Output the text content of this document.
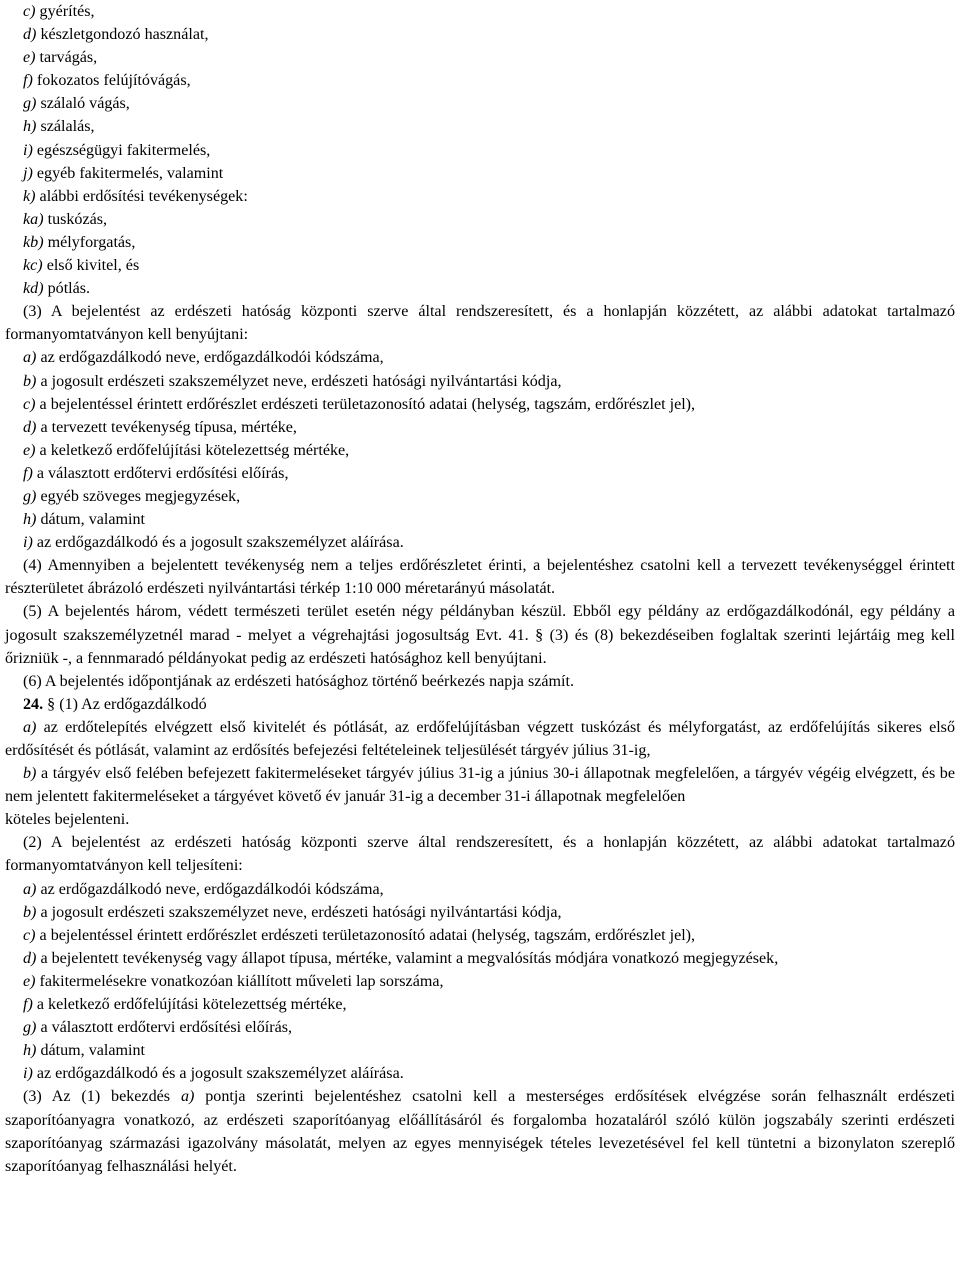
c) gyérítés,

d) készletgondozó használat,

e) tarvágás,

f) fokozatos felújítóvágás,

g) szálaló vágás,

h) szálalás,

i) egészségügyi fakitermelés,

j) egyéb fakitermelés, valamint

k) alábbi erdősítési tevékenységek:

ka) tuskózás,

kb) mélyforgatás,

kc) első kivitel, és

kd) pótlás.

(3) A bejelentést az erdészeti hatóság központi szerve által rendszeresített, és a honlapján közzétett, az alábbi adatokat tartalmazó formanyomtatványon kell benyújtani:

a) az erdőgazdálkodó neve, erdőgazdálkodói kódszáma,

b) a jogosult erdészeti szakszemélyzet neve, erdészeti hatósági nyilvántartási kódja,

c) a bejelentéssel érintett erdőrészlet erdészeti területazonosító adatai (helység, tagszám, erdőrészlet jel),

d) a tervezett tevékenység típusa, mértéke,

e) a keletkező erdőfelújítási kötelezettség mértéke,

f) a választott erdőtervi erdősítési előírás,

g) egyéb szöveges megjegyzések,

h) dátum, valamint

i) az erdőgazdálkodó és a jogosult szakszemélyzet aláírása.

(4) Amennyiben a bejelentett tevékenység nem a teljes erdőrészletet érinti, a bejelentéshez csatolni kell a tervezett tevékenységgel érintett részterületet ábrázoló erdészeti nyilvántartási térkép 1:10 000 méretarányú másolatát.

(5) A bejelentés három, védett természeti terület esetén négy példányban készül. Ebből egy példány az erdőgazdálkodónál, egy példány a jogosult szakszemélyzetnél marad - melyet a végrehajtási jogosultság Evt. 41. § (3) és (8) bekezdéseiben foglaltak szerinti lejártáig meg kell őrizniük -, a fennmaradó példányokat pedig az erdészeti hatósághoz kell benyújtani.

(6) A bejelentés időpontjának az erdészeti hatósághoz történő beérkezés napja számít.

24. § (1) Az erdőgazdálkodó

a) az erdőtelepítés elvégzett első kivitelét és pótlását, az erdőfelújításban végzett tuskózást és mélyforgatást, az erdőfelújítás sikeres első erdősítését és pótlását, valamint az erdősítés befejezési feltételeinek teljesülését tárgyév július 31-ig,

b) a tárgyév első felében befejezett fakitermeléseket tárgyév július 31-ig a június 30-i állapotnak megfelelően, a tárgyév végéig elvégzett, és be nem jelentett fakitermeléseket a tárgyévet követő év január 31-ig a december 31-i állapotnak megfelelően

köteles bejelenteni.

(2) A bejelentést az erdészeti hatóság központi szerve által rendszeresített, és a honlapján közzétett, az alábbi adatokat tartalmazó formanyomtatványon kell teljesíteni:

a) az erdőgazdálkodó neve, erdőgazdálkodói kódszáma,

b) a jogosult erdészeti szakszemélyzet neve, erdészeti hatósági nyilvántartási kódja,

c) a bejelentéssel érintett erdőrészlet erdészeti területazonosító adatai (helység, tagszám, erdőrészlet jel),

d) a bejelentett tevékenység vagy állapot típusa, mértéke, valamint a megvalósítás módjára vonatkozó megjegyzések,

e) fakitermelésekre vonatkozóan kiállított műveleti lap sorszáma,

f) a keletkező erdőfelújítási kötelezettség mértéke,

g) a választott erdőtervi erdősítési előírás,

h) dátum, valamint

i) az erdőgazdálkodó és a jogosult szakszemélyzet aláírása.

(3) Az (1) bekezdés a) pontja szerinti bejelentéshez csatolni kell a mesterséges erdősítések elvégzése során felhasznált erdészeti szaporítóanyagra vonatkozó, az erdészeti szaporítóanyag előállításáról és forgalomba hozataláról szóló külön jogszabály szerinti erdészeti szaporítóanyag származási igazolvány másolatát, melyen az egyes mennyiségek tételes levezetésével fel kell tüntetni a bizonylaton szereplő szaporítóanyag felhasználási helyét.
